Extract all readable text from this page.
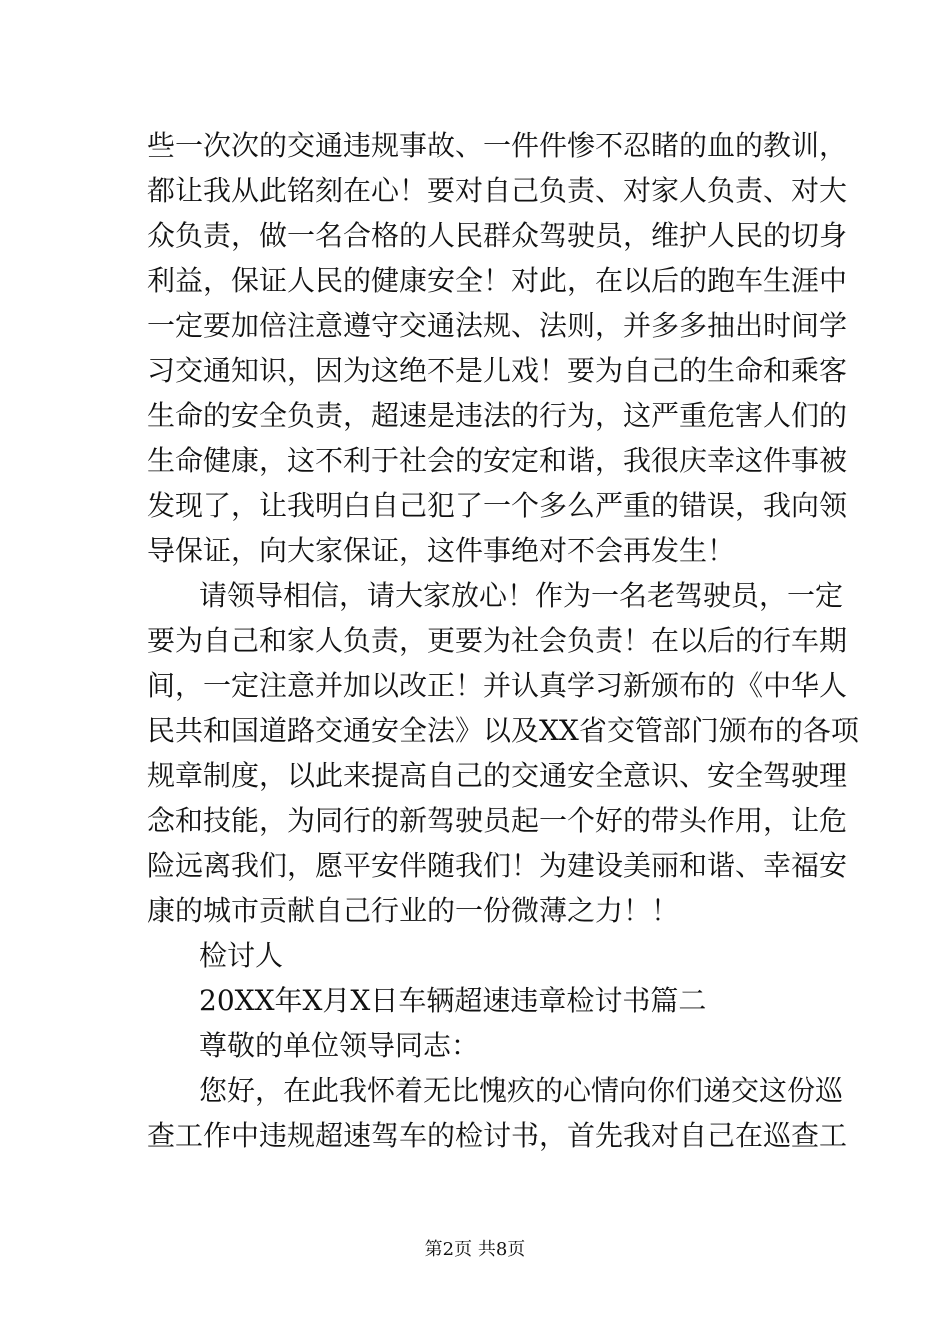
些一次次的交通违规事故、一件件惨不忍睹的血的教训，
都让我从此铭刻在心！要对自己负责、对家人负责、对大
众负责，做一名合格的人民群众驾驶员，维护人民的切身
利益，保证人民的健康安全！对此，在以后的跑车生涯中
一定要加倍注意遵守交通法规、法则，并多多抽出时间学
习交通知识，因为这绝不是儿戏！要为自己的生命和乘客
生命的安全负责，超速是违法的行为，这严重危害人们的
生命健康，这不利于社会的安定和谐，我很庆幸这件事被
发现了，让我明白自己犯了一个多么严重的错误，我向领
导保证，向大家保证，这件事绝对不会再发生！
请领导相信，请大家放心！作为一名老驾驶员，一定
要为自己和家人负责，更要为社会负责！在以后的行车期
间，一定注意并加以改正！并认真学习新颁布的《中华人
民共和国道路交通安全法》以及XX省交管部门颁布的各项
规章制度，以此来提高自己的交通安全意识、安全驾驶理
念和技能，为同行的新驾驶员起一个好的带头作用，让危
险远离我们，愿平安伴随我们！为建设美丽和谐、幸福安
康的城市贡献自己行业的一份微薄之力！！
检讨人
20XX年X月X日车辆超速违章检讨书篇二
尊敬的单位领导同志：
您好，在此我怀着无比愧疚的心情向你们递交这份巡
查工作中违规超速驾车的检讨书，首先我对自己在巡查工
第2页 共8页
